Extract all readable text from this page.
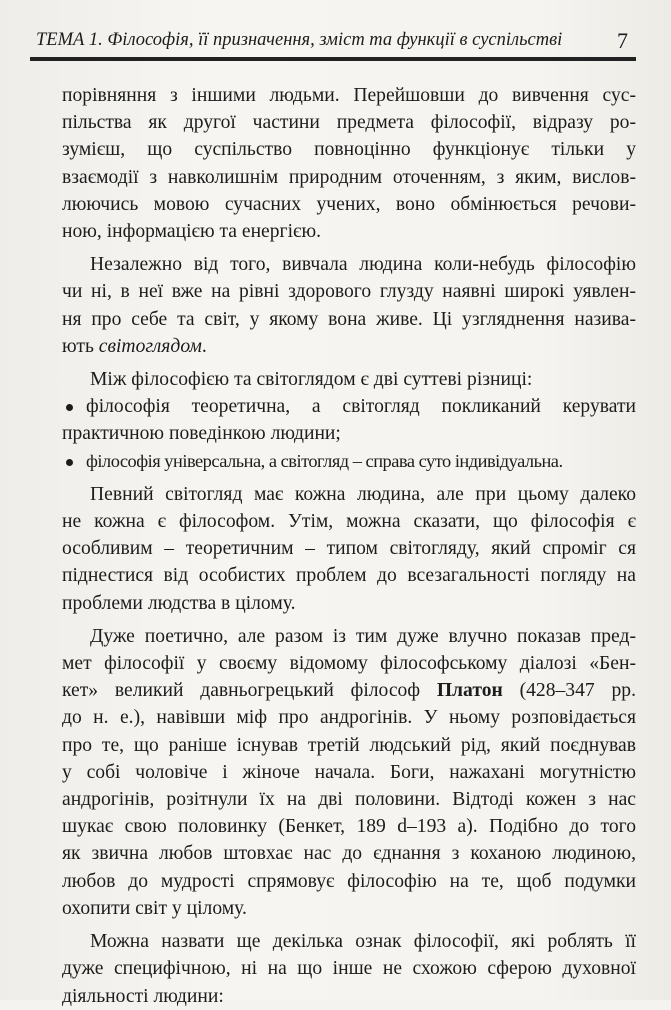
ТЕМА 1. Філософія, її призначення, зміст та функції в суспільстві 7

порівняння з іншими людьми. Перейшовши до вивчення сус-
пільства як другої частини предмета філософії, відразу ро-
зумієш, що суспільство повноцінно функціонує тільки у
взаємодії з навколишнім природним оточенням, з яким, вислов-
люючись мовою сучасних учених, воно обмінюється речови-
ною, інформацією та енергією.

Незалежно від того, вивчала людина коли-небудь філософію
чи ні, в неї вже на рівні здорового глузду наявні широкі уявлен-
ня про себе та світ, у якому вона живе. Ці узгляднення назива-
ють світоглядом.

Між філософією та світоглядом є дві суттеві різниці:

філософія теоретична, а світогляд покликаний керувати
практичною поведінкою людини;

філософія універсальна, а світогляд – справа суто індивідуальна.

Певний світогляд має кожна людина, але при цьому далеко
не кожна є філософом. Утім, можна сказати, що філософія є
особливим – теоретичним – типом світогляду, який спроміг ся
піднестися від особистих проблем до всезагальності погляду на
проблеми людства в цілому.

Дуже поетично, але разом із тим дуже влучно показав пред-
мет філософії у своєму відомому філософському діалозі «Бен-
кет» великий давньогрецький філософ Платон (428–347 рр.
до н. е.), навівши міф про андрогінів. У ньому розповідається
про те, що раніше існував третій людський рід, який поєднував
у собі чоловіче і жіноче начала. Боги, нажахані могутністю
андрогінів, розітнули їх на дві половини. Відтоді кожен з нас
шукає свою половинку (Бенкет, 189 d–193 a). Подібно до того
як звична любов штовхає нас до єднання з коханою людиною,
любов до мудрості спрямовує філософію на те, щоб подумки
охопити світ у цілому.

Можна назвати ще декілька ознак філософії, які роблять її
дуже специфічною, ні на що інше не схожою сферою духовної
діяльності людини:
